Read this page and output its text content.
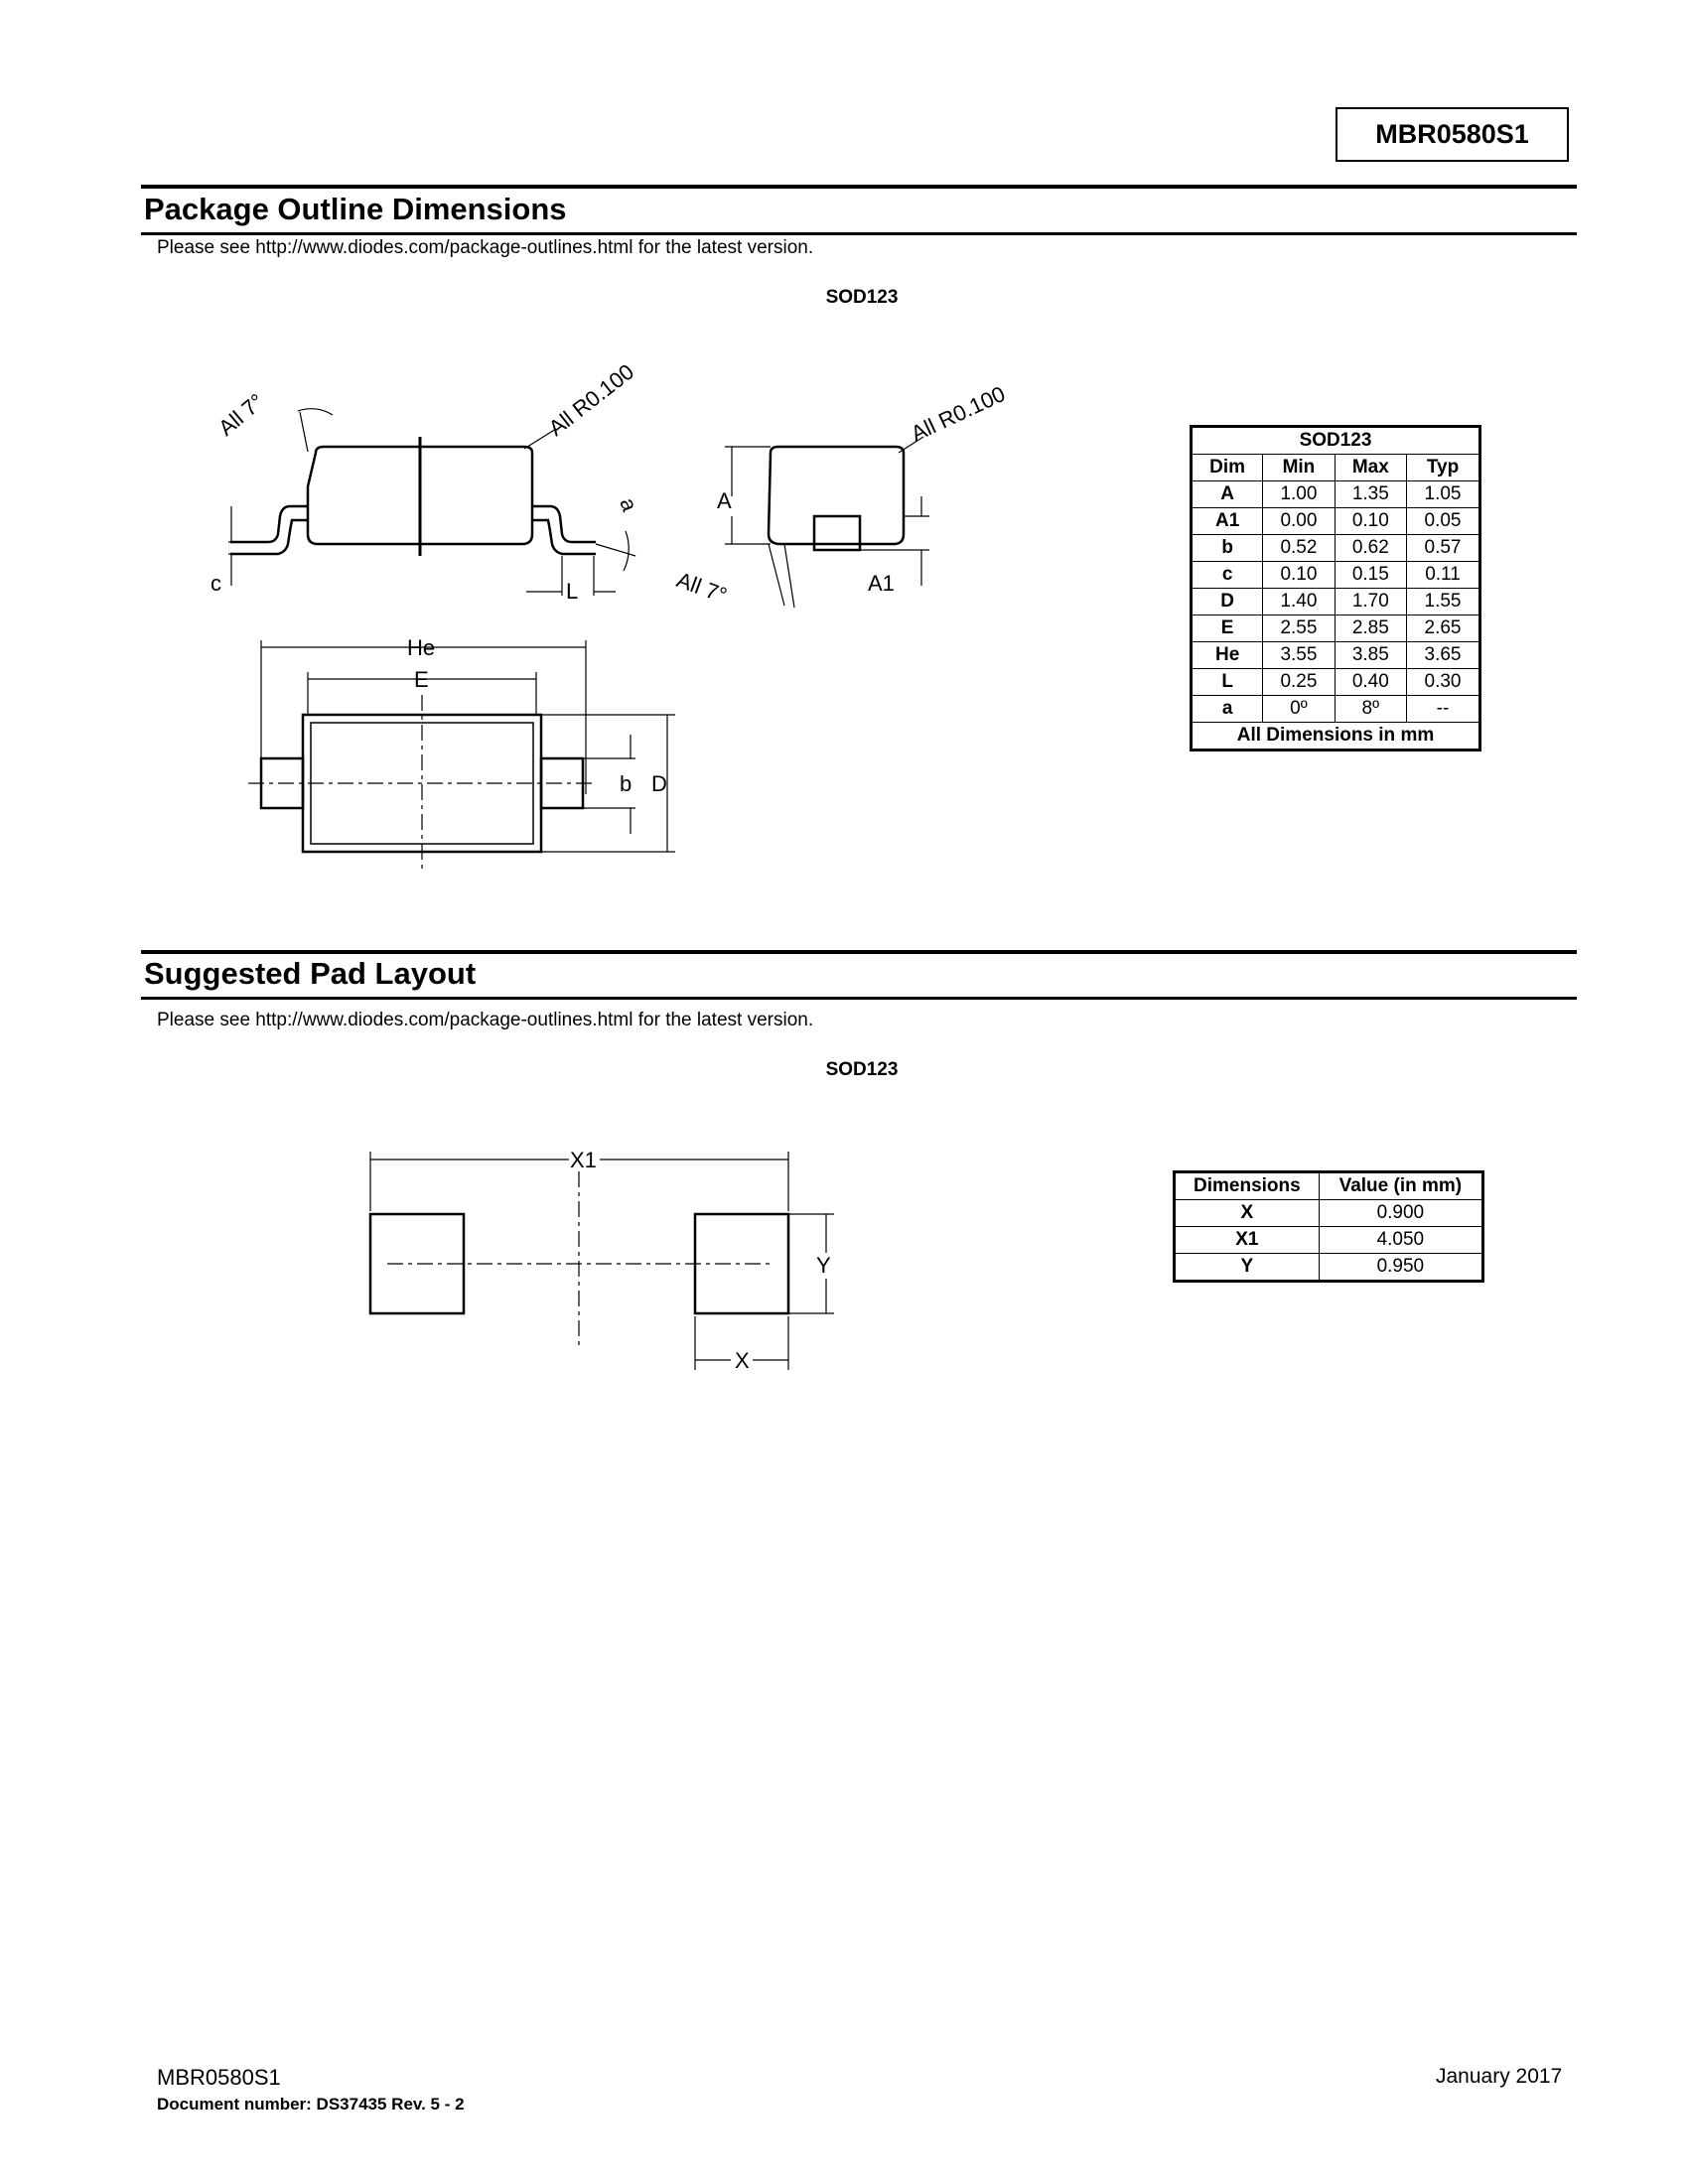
MBR0580S1
Package Outline Dimensions
Please see http://www.diodes.com/package-outlines.html for the latest version.
SOD123
All 7°	All R0.100	All R0.100
All 7°
c	L
a	A
A1
He
E
b D
SOD123			
Dim	Min	Max	Typ
A	1.00	1.35	1.05
A1	0.00	0.10	0.05
b	0.52	0.62	0.57
c	0.10	0.15	0.11
D	1.40	1.70	1.55
E	2.55	2.85	2.65
He	3.55	3.85	3.65
L	0.25	0.40	0.30
a	0º	8º	--
All Dimensions in mm			
Suggested Pad Layout
Please see http://www.diodes.com/package-outlines.html for the latest version.
SOD123
X1
Y
X
Dimensions	Value (in mm)
X	0.900
X1	4.050
Y	0.950
MBR0580S1
Document number: DS37435 Rev. 5 - 2
January 2017
